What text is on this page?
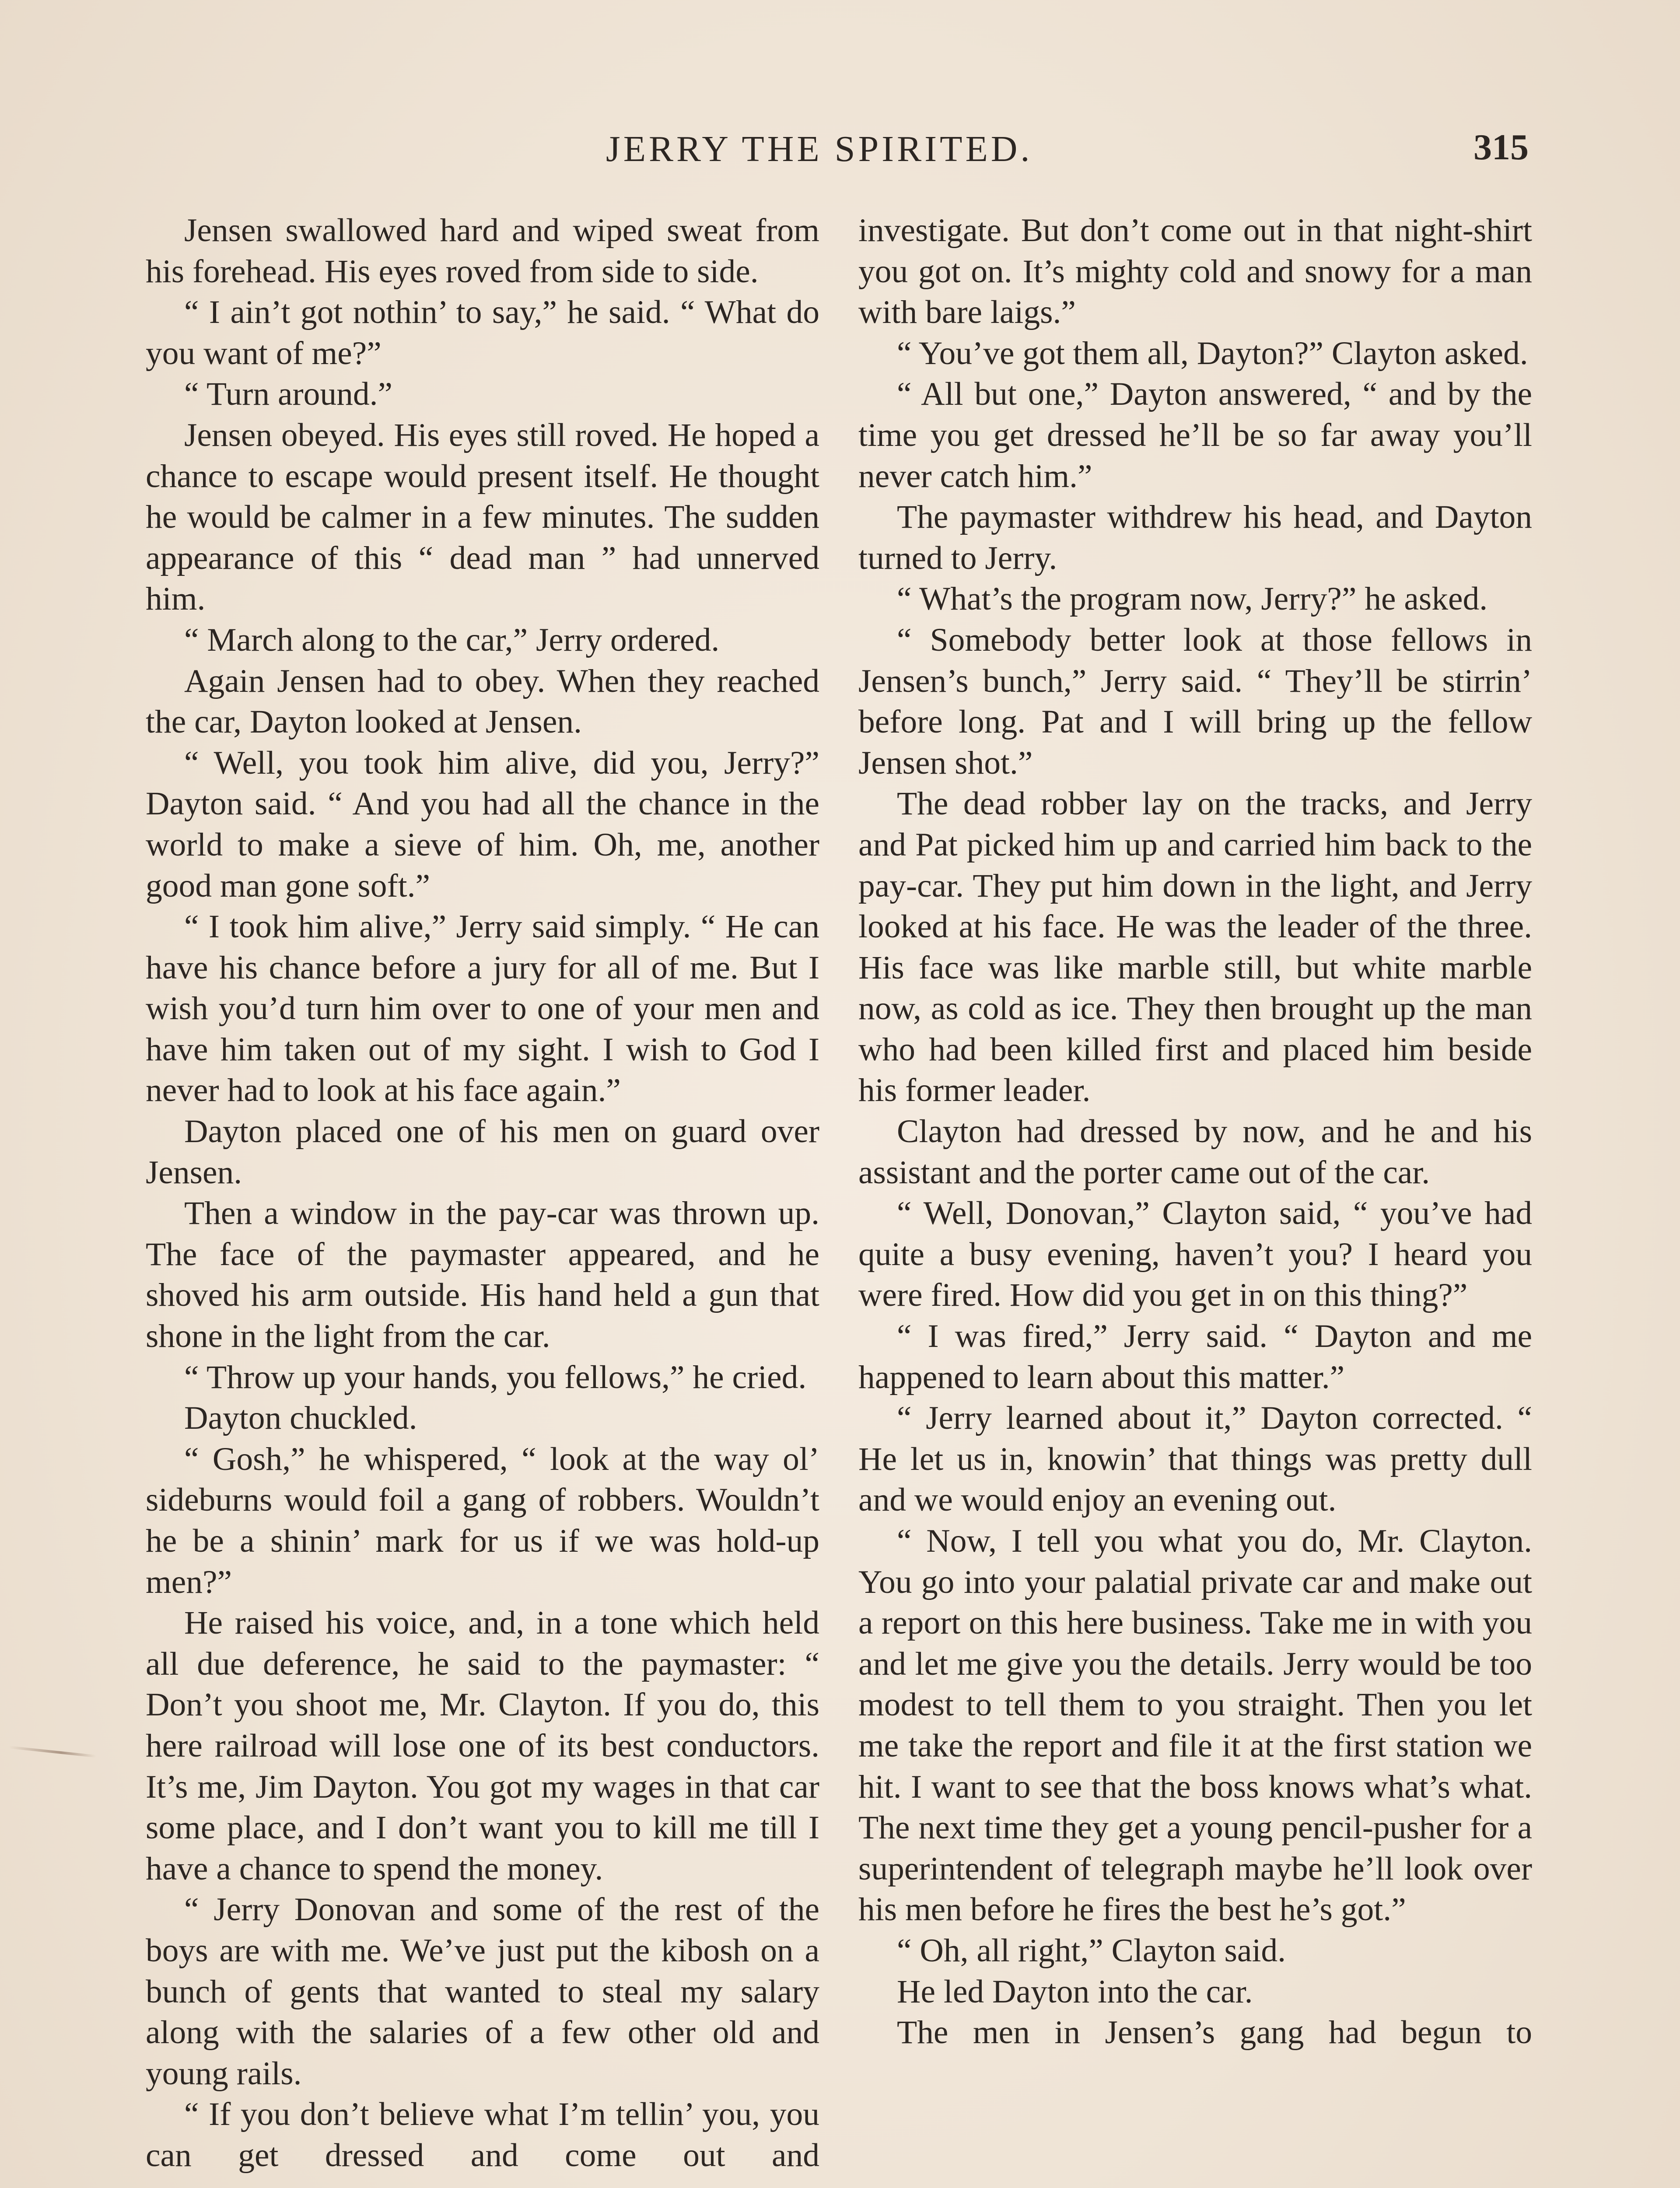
JERRY THE SPIRITED.	315

Jensen swallowed hard and wiped sweat from his forehead. His eyes roved from side to side.

“ I ain’t got nothin’ to say,” he said. “ What do you want of me?”

“ Turn around.”

Jensen obeyed. His eyes still roved. He hoped a chance to escape would present itself. He thought he would be calmer in a few minutes. The sudden appearance of this “ dead man ” had unnerved him.

“ March along to the car,” Jerry ordered.

Again Jensen had to obey. When they reached the car, Dayton looked at Jensen.

“ Well, you took him alive, did you, Jerry?” Dayton said. “ And you had all the chance in the world to make a sieve of him. Oh, me, another good man gone soft.”

“ I took him alive,” Jerry said simply. “ He can have his chance before a jury for all of me. But I wish you’d turn him over to one of your men and have him taken out of my sight. I wish to God I never had to look at his face again.”

Dayton placed one of his men on guard over Jensen.

Then a window in the pay-car was thrown up. The face of the paymaster appeared, and he shoved his arm outside. His hand held a gun that shone in the light from the car.

“ Throw up your hands, you fellows,” he cried.

Dayton chuckled.

“ Gosh,” he whispered, “ look at the way ol’ sideburns would foil a gang of robbers. Wouldn’t he be a shinin’ mark for us if we was hold-up men?”

He raised his voice, and, in a tone which held all due deference, he said to the paymaster: “ Don’t you shoot me, Mr. Clayton. If you do, this here railroad will lose one of its best conductors. It’s me, Jim Dayton. You got my wages in that car some place, and I don’t want you to kill me till I have a chance to spend the money.

“ Jerry Donovan and some of the rest of the boys are with me. We’ve just put the kibosh on a bunch of gents that wanted to steal my salary along with the salaries of a few other old and young rails.

“ If you don’t believe what I’m tellin’ you, you can get dressed and come out and

investigate. But don’t come out in that night-shirt you got on. It’s mighty cold and snowy for a man with bare laigs.”

“ You’ve got them all, Dayton?” Clayton asked.

“ All but one,” Dayton answered, “ and by the time you get dressed he’ll be so far away you’ll never catch him.”

The paymaster withdrew his head, and Dayton turned to Jerry.

“ What’s the program now, Jerry?” he asked.

“ Somebody better look at those fellows in Jensen’s bunch,” Jerry said. “ They’ll be stirrin’ before long. Pat and I will bring up the fellow Jensen shot.”

The dead robber lay on the tracks, and Jerry and Pat picked him up and carried him back to the pay-car. They put him down in the light, and Jerry looked at his face. He was the leader of the three. His face was like marble still, but white marble now, as cold as ice. They then brought up the man who had been killed first and placed him beside his former leader.

Clayton had dressed by now, and he and his assistant and the porter came out of the car.

“ Well, Donovan,” Clayton said, “ you’ve had quite a busy evening, haven’t you? I heard you were fired. How did you get in on this thing?”

“ I was fired,” Jerry said. “ Dayton and me happened to learn about this matter.”

“ Jerry learned about it,” Dayton corrected. “ He let us in, knowin’ that things was pretty dull and we would enjoy an evening out.

“ Now, I tell you what you do, Mr. Clayton. You go into your palatial private car and make out a report on this here business. Take me in with you and let me give you the details. Jerry would be too modest to tell them to you straight. Then you let me take the report and file it at the first station we hit. I want to see that the boss knows what’s what. The next time they get a young pencil-pusher for a superintendent of telegraph maybe he’ll look over his men before he fires the best he’s got.”

“ Oh, all right,” Clayton said.

He led Dayton into the car.

The men in Jensen’s gang had begun to
